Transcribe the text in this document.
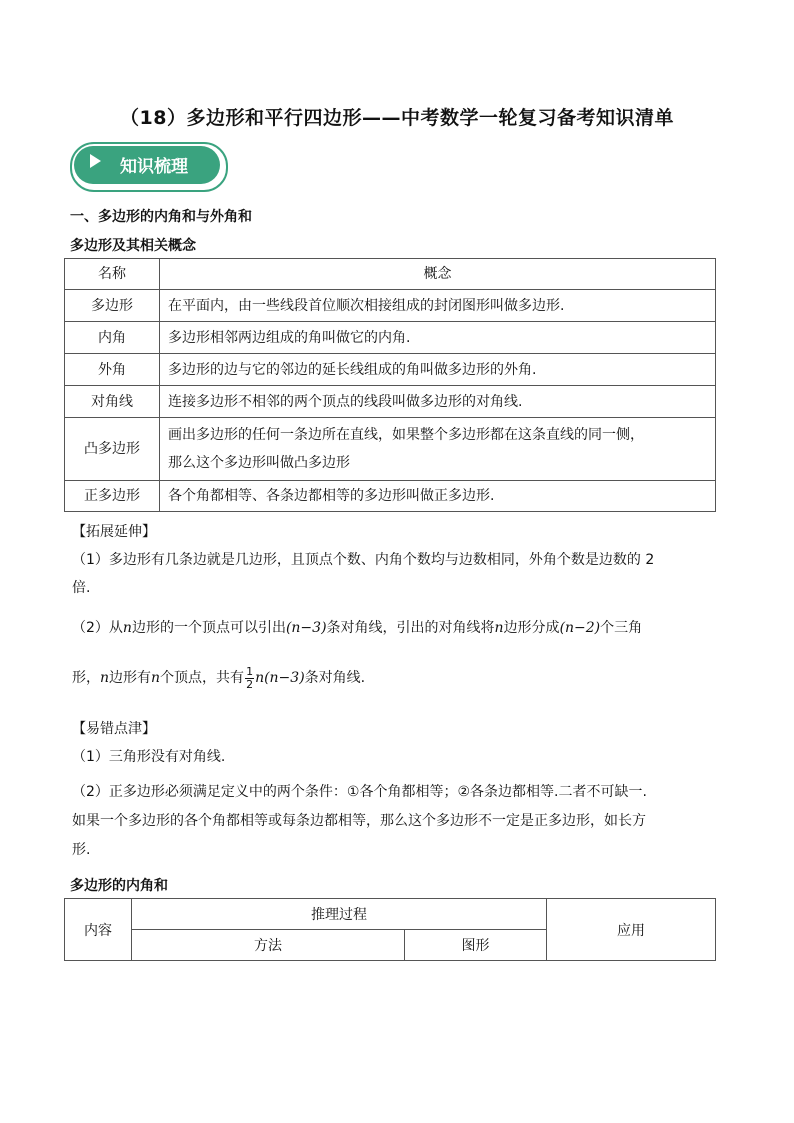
（18）多边形和平行四边形——中考数学一轮复习备考知识清单
知识梳理
一、多边形的内角和与外角和
多边形及其相关概念
名称	概念
多边形	在平面内，由一些线段首位顺次相接组成的封闭图形叫做多边形.
内角	多边形相邻两边组成的角叫做它的内角.
外角	多边形的边与它的邻边的延长线组成的角叫做多边形的外角.
对角线	连接多边形不相邻的两个顶点的线段叫做多边形的对角线.
凸多边形	画出多边形的任何一条边所在直线，如果整个多边形都在这条直线的同一侧，
那么这个多边形叫做凸多边形

正多边形	各个角都相等、各条边都相等的多边形叫做正多边形.
【拓展延伸】
（1）多边形有几条边就是几边形，且顶点个数、内角个数均与边数相同，外角个数是边数的 2
倍.
（2）从n边形的一个顶点可以引出(n−3)条对角线，引出的对角线将n边形分成(n−2)个三角
形，n边形有n个顶点，共有 $\frac{1}{2} n(n-3)$条对角线.
【易错点津】
（1）三角形没有对角线.
（2）正多边形必须满足定义中的两个条件：①各个角都相等；②各条边都相等.二者不可缺一.
如果一个多边形的各个角都相等或每条边都相等，那么这个多边形不一定是正多边形，如长方
形.
多边形的内角和
内容	推理过程		应用
	方法	图形	
